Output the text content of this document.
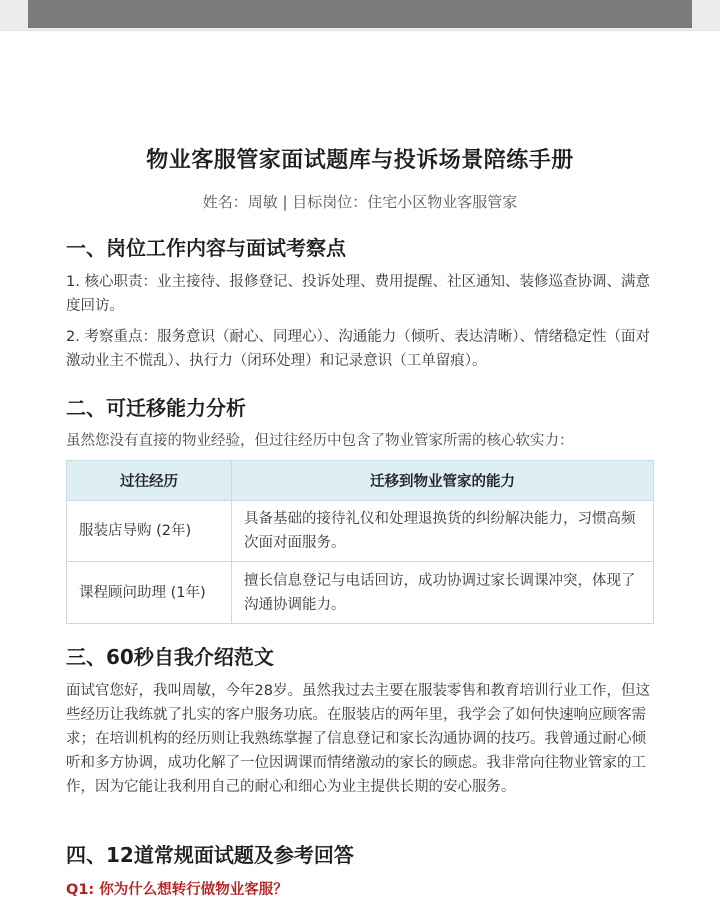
物业客服管家面试题库与投诉场景陪练手册
姓名：周敏 | 目标岗位：住宅小区物业客服管家
一、岗位工作内容与面试考察点
1. 核心职责：业主接待、报修登记、投诉处理、费用提醒、社区通知、装修巡查协调、满意度回访。
2. 考察重点：服务意识（耐心、同理心）、沟通能力（倾听、表达清晰）、情绪稳定性（面对激动业主不慌乱）、执行力（闭环处理）和记录意识（工单留痕）。
二、可迁移能力分析
虽然您没有直接的物业经验，但过往经历中包含了物业管家所需的核心软实力：
过往经历	迁移到物业管家的能力
服装店导购 (2年)	具备基础的接待礼仪和处理退换货的纠纷解决能力，习惯高频次面对面服务。
课程顾问助理 (1年)	擅长信息登记与电话回访，成功协调过家长调课冲突，体现了沟通协调能力。
三、60秒自我介绍范文
面试官您好，我叫周敏，今年28岁。虽然我过去主要在服装零售和教育培训行业工作，但这些经历让我练就了扎实的客户服务功底。在服装店的两年里，我学会了如何快速响应顾客需求；在培训机构的经历则让我熟练掌握了信息登记和家长沟通协调的技巧。我曾通过耐心倾听和多方协调，成功化解了一位因调课而情绪激动的家长的顾虑。我非常向往物业管家的工作，因为它能让我利用自己的耐心和细心为业主提供长期的安心服务。
四、12道常规面试题及参考回答
Q1: 你为什么想转行做物业客服？
